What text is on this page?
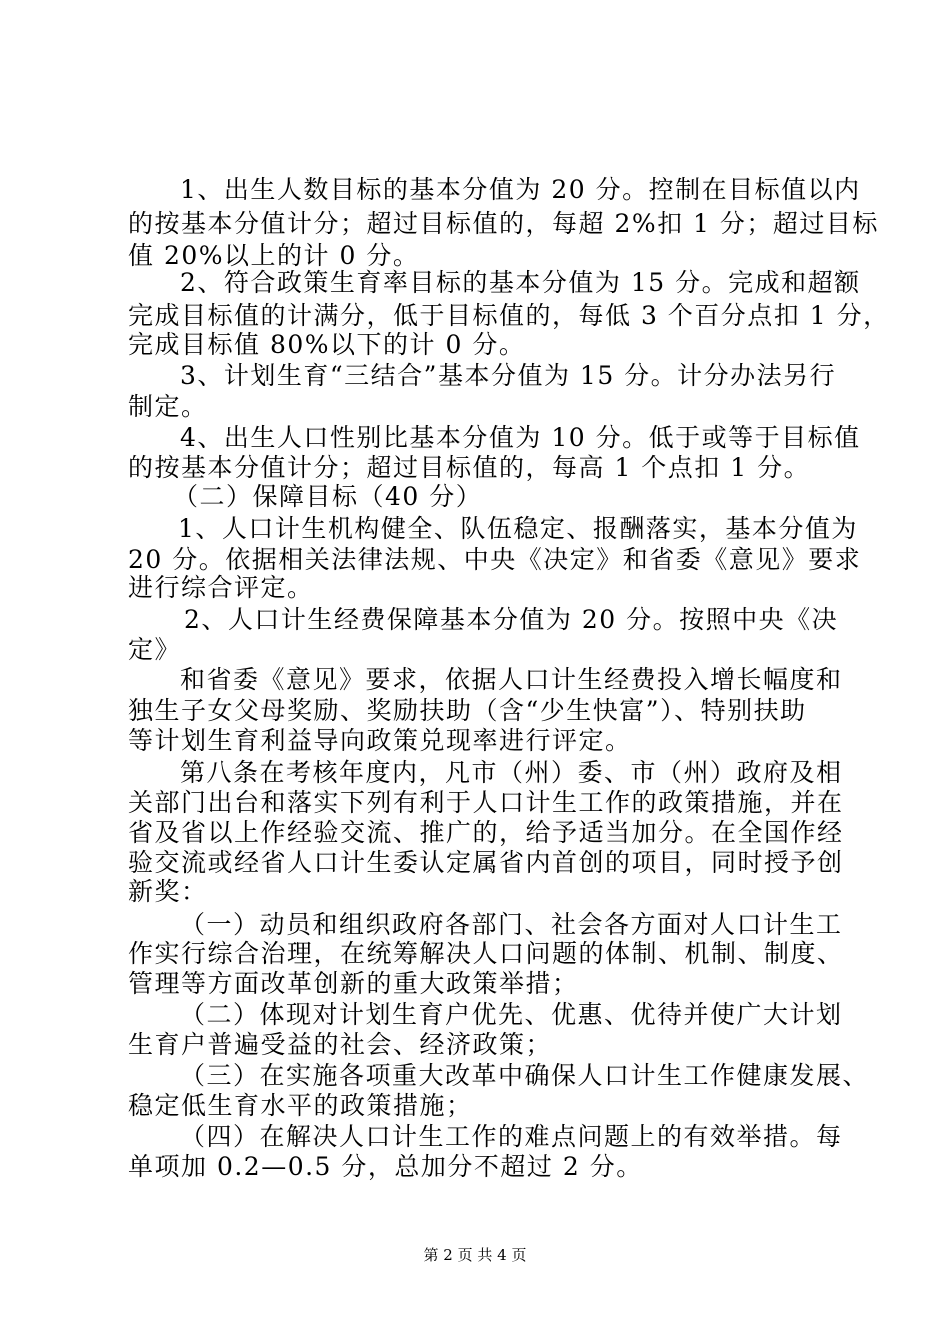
1、出生人数目标的基本分值为 20 分。控制在目标值以内
的按基本分值计分；超过目标值的，每超 2%扣 1 分；超过目标
值 20%以上的计 0 分。
2、符合政策生育率目标的基本分值为 15 分。完成和超额
完成目标值的计满分，低于目标值的，每低 3 个百分点扣 1 分，
完成目标值 80%以下的计 0 分。
3、计划生育“三结合”基本分值为 15 分。计分办法另行
制定。
4、出生人口性别比基本分值为 10 分。低于或等于目标值
的按基本分值计分；超过目标值的，每高 1 个点扣 1 分。
（二）保障目标（40 分）
1、人口计生机构健全、队伍稳定、报酬落实，基本分值为
20 分。依据相关法律法规、中央《决定》和省委《意见》要求
进行综合评定。
2、人口计生经费保障基本分值为 20 分。按照中央《决
定》
和省委《意见》要求，依据人口计生经费投入增长幅度和
独生子女父母奖励、奖励扶助（含“少生快富”）、特别扶助
等计划生育利益导向政策兑现率进行评定。
第八条在考核年度内，凡市（州）委、市（州）政府及相
关部门出台和落实下列有利于人口计生工作的政策措施，并在
省及省以上作经验交流、推广的，给予适当加分。在全国作经
验交流或经省人口计生委认定属省内首创的项目，同时授予创
新奖：
（一）动员和组织政府各部门、社会各方面对人口计生工
作实行综合治理，在统筹解决人口问题的体制、机制、制度、
管理等方面改革创新的重大政策举措；
（二）体现对计划生育户优先、优惠、优待并使广大计划
生育户普遍受益的社会、经济政策；
（三）在实施各项重大改革中确保人口计生工作健康发展、
稳定低生育水平的政策措施；
（四）在解决人口计生工作的难点问题上的有效举措。每
单项加 0.2—0.5 分，总加分不超过 2 分。
第 2 页 共 4 页
